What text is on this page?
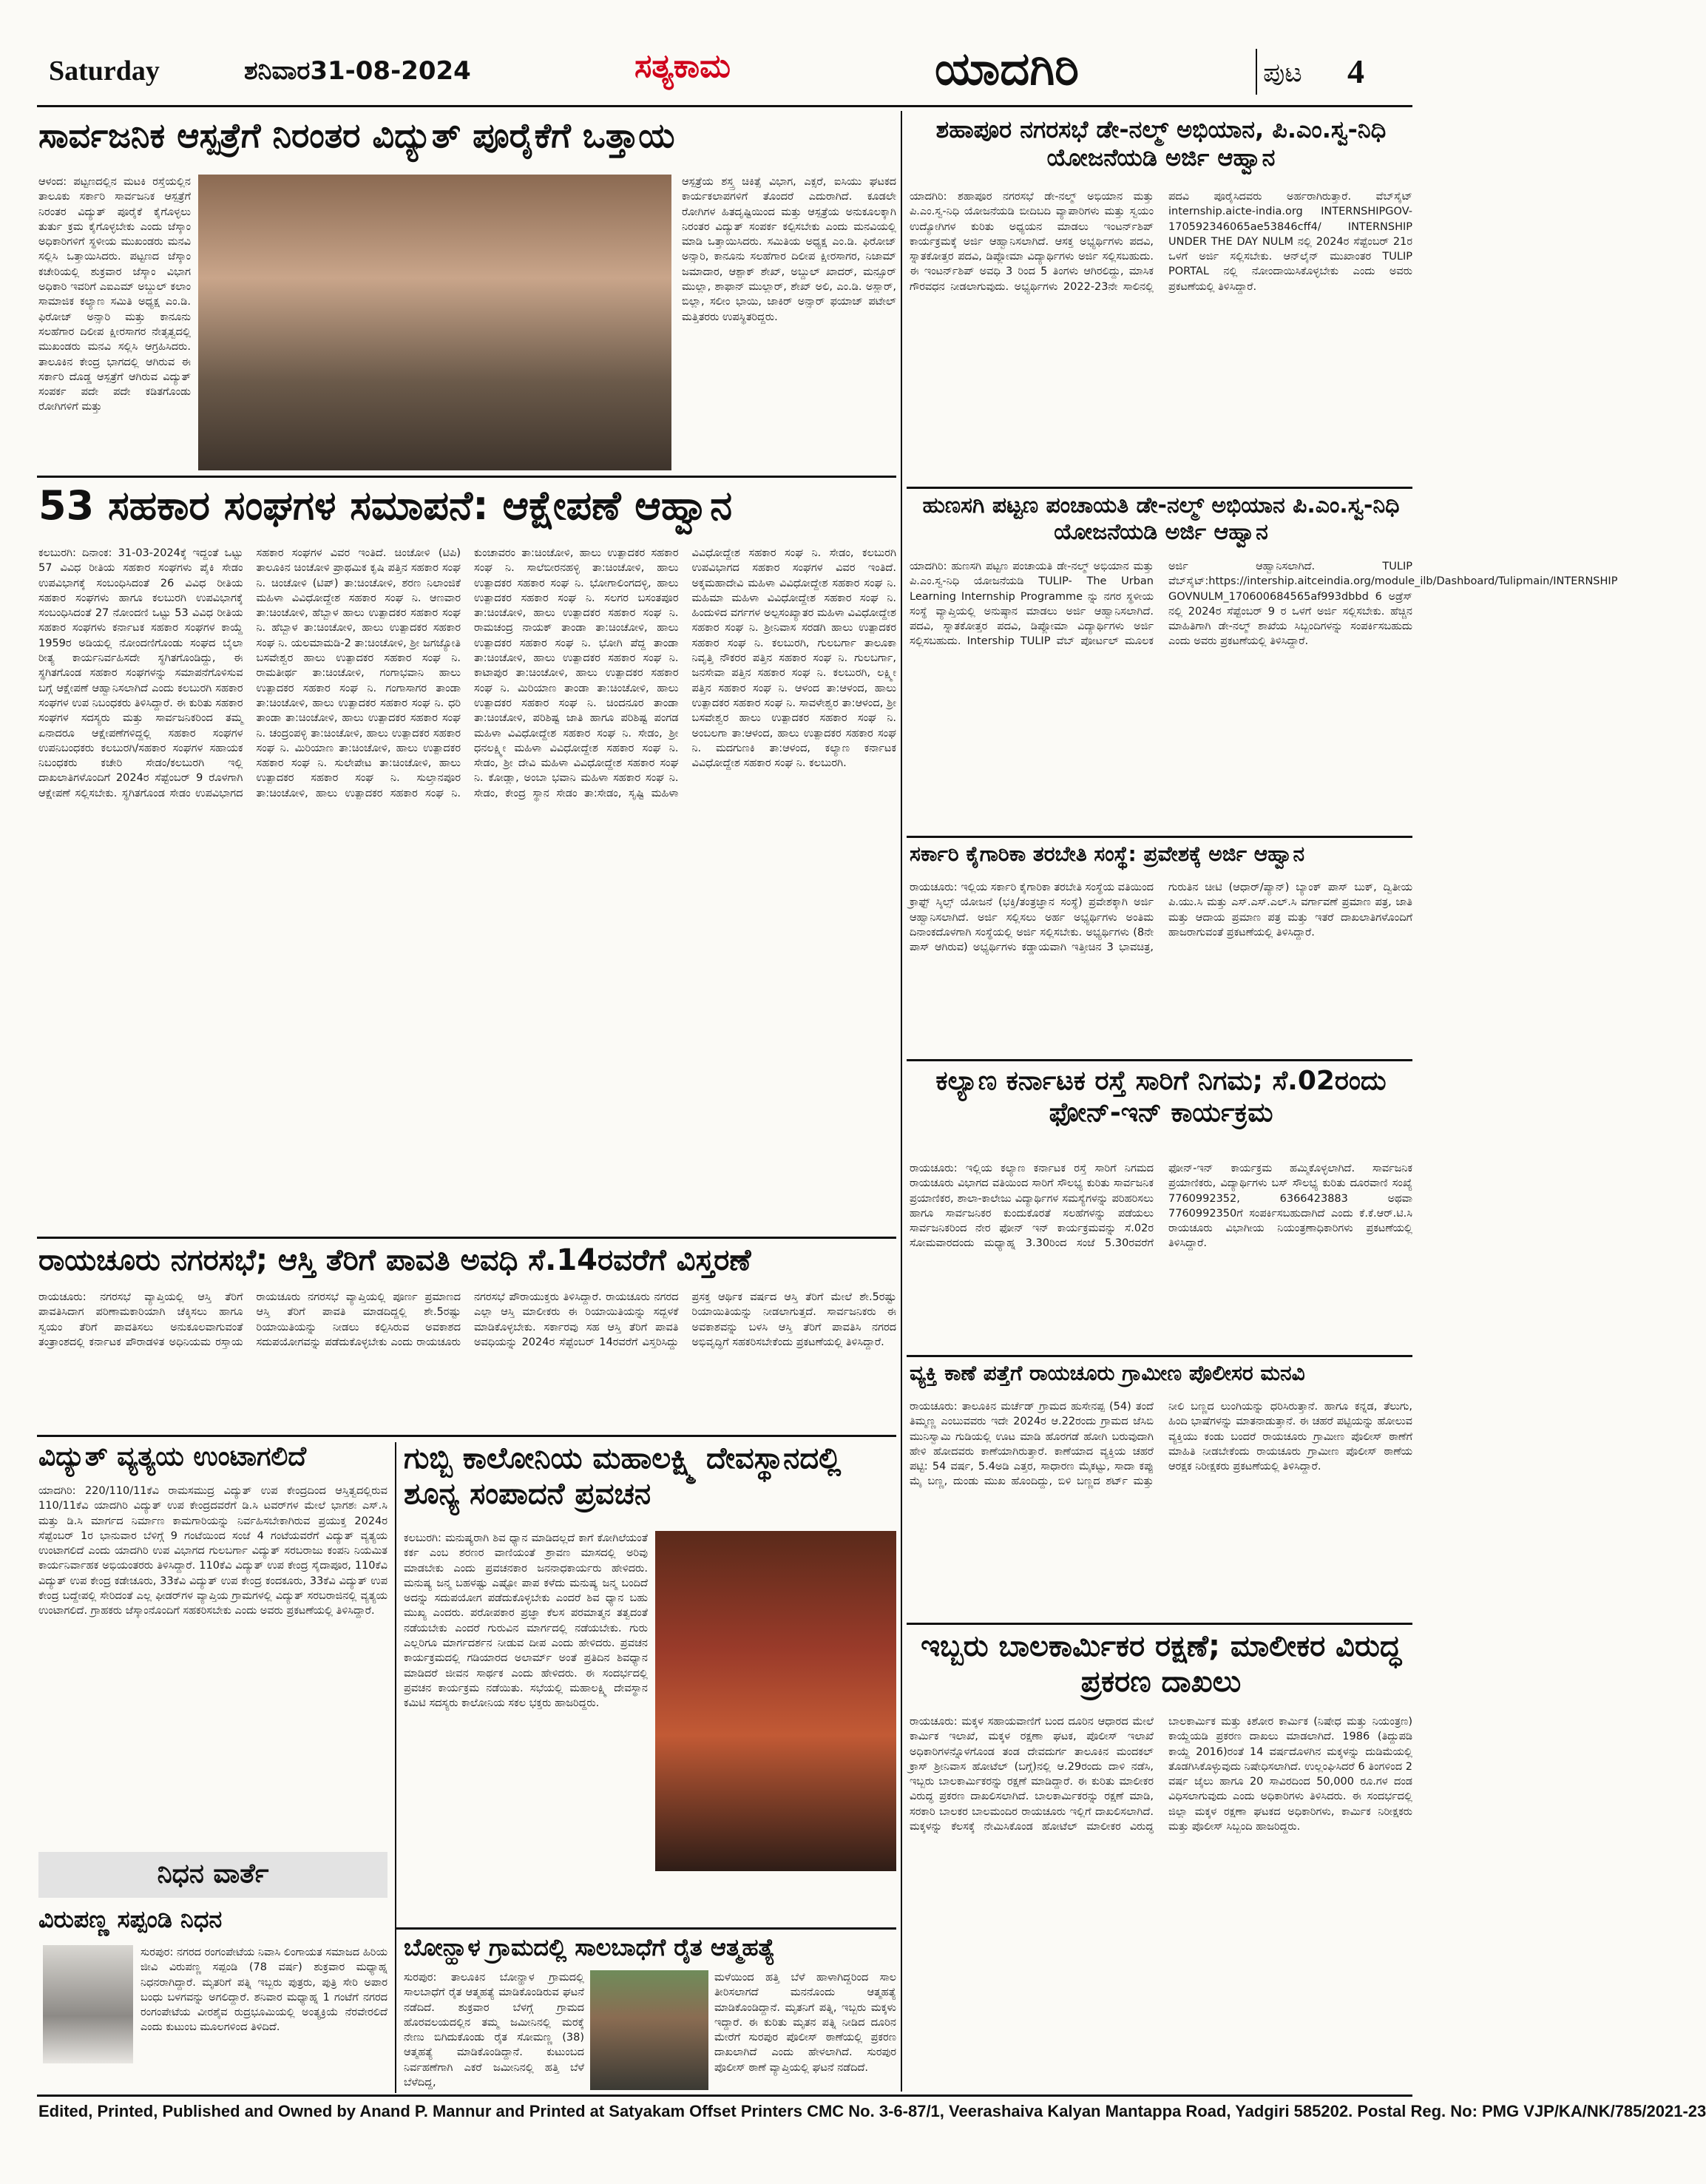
Saturday	ಶನಿವಾರ31-08-2024	ಸತ್ಯಕಾಮ	ಯಾದಗಿರಿ	ಪುಟ 4
ಸಾರ್ವಜನಿಕ ಆಸ್ಪತ್ರೆಗೆ ನಿರಂತರ ವಿದ್ಯುತ್ ಪೂರೈಕೆಗೆ ಒತ್ತಾಯ
ಆಳಂದ: ಪಟ್ಟಣದಲ್ಲಿನ ಮಟಕಿ ರಸ್ತೆಯಲ್ಲಿನ ತಾಲೂಕು ಸರ್ಕಾರಿ ಸಾರ್ವಜನಿಕ ಆಸ್ಪತ್ರೆಗೆ ನಿರಂತರ ವಿದ್ಯುತ್ ಪೂರೈಕೆ ಕೈಗೊಳ್ಳಲು ತುರ್ತು ಕ್ರಮ ಕೈಗೊಳ್ಳಬೇಕು ಎಂದು ಜೆಸ್ಕಾಂ ಅಧಿಕಾರಿಗಳಿಗೆ ಸ್ಥಳೀಯ ಮುಖಂಡರು ಮನವಿ ಸಲ್ಲಿಸಿ ಒತ್ತಾಯಿಸಿದರು. ಪಟ್ಟಣದ ಜೆಸ್ಕಾಂ ಕಚೇರಿಯಲ್ಲಿ ಶುಕ್ರವಾರ ಜೆಸ್ಕಾಂ ವಿಭಾಗ ಅಧಿಕಾರಿ ಇವರಿಗೆ ಎಐಎಮ್ ಅಬ್ದುಲ್ ಕಲಾಂ ಸಾಮಾಜಿಕ ಕಲ್ಯಾಣ ಸಮಿತಿ ಅಧ್ಯಕ್ಷ ಎಂ.ಡಿ. ಫಿರೋಜ್ ಅನ್ಸಾರಿ ಮತ್ತು ಕಾನೂನು ಸಲಹೆಗಾರ ದಿಲೀಪ ಕ್ಷೀರಸಾಗರ ನೇತೃತ್ವದಲ್ಲಿ ಮುಖಂಡರು ಮನವಿ ಸಲ್ಲಿಸಿ ಆಗ್ರಹಿಸಿದರು. ತಾಲೂಕಿನ ಕೇಂದ್ರ ಭಾಗದಲ್ಲಿ ಆಗಿರುವ ಈ ಸರ್ಕಾರಿ ದೊಡ್ಡ ಆಸ್ಪತ್ರೆಗೆ ಆಗಿರುವ ವಿದ್ಯುತ್ ಸಂಪರ್ಕ ಪದೇ ಪದೇ ಕಡಿತಗೊಂಡು ರೋಗಿಗಳಿಗೆ ಮತ್ತು
ಆಸ್ಪತ್ರೆಯ ಶಸ್ತ್ರ ಚಿಕಿತ್ಸೆ ವಿಭಾಗ, ಎಕ್ಸರೆ, ಐಸಿಯು ಘಟಕದ ಕಾರ್ಯಕಲಾಪಗಳಿಗೆ ತೊಂದರೆ ಎದುರಾಗಿದೆ. ಕೂಡಲೇ ರೋಗಿಗಳ ಹಿತದೃಷ್ಟಿಯಿಂದ ಮತ್ತು ಆಸ್ಪತ್ರೆಯ ಅನುಕೂಲಕ್ಕಾಗಿ ನಿರಂತರ ವಿದ್ಯುತ್ ಸಂಪರ್ಕ ಕಲ್ಪಿಸಬೇಕು ಎಂದು ಮನವಿಯಲ್ಲಿ ಮಾಡಿ ಒತ್ತಾಯಿಸಿದರು. ಸಮಿತಿಯ ಅಧ್ಯಕ್ಷ ಎಂ.ಡಿ. ಫಿರೋಜ್ ಅನ್ಸಾರಿ, ಕಾನೂನು ಸಲಹೆಗಾರ ದಿಲೀಪ ಕ್ಷೀರಸಾಗರ, ನಿಜಾಮ್ ಜಮಾದಾರ, ಆಶ್ಪಾಕ್ ಶೇಖ್, ಅಬ್ದುಲ್ ಖಾದರ್, ಮನ್ಸೂರ್ ಮುಲ್ಲಾ, ಶಾಫಾನ್ ಮುಲ್ಲಾರ್, ಶೇಖ್ ಅಲಿ, ಎಂ.ಡಿ. ಅಸ್ಲಾರ್, ಬಿಲ್ಲಾ, ಸಲೀಂ ಭಾಯಿ, ಜಾಕಿರ್ ಅನ್ಸಾರ್ ಫಯಾಜ್ ಪಟೇಲ್ ಮತ್ತಿತರರು ಉಪಸ್ಥಿತರಿದ್ದರು.
53 ಸಹಕಾರ ಸಂಘಗಳ ಸಮಾಪನೆ: ಆಕ್ಷೇಪಣೆ ಆಹ್ವಾನ
ಕಲಬುರಗಿ: ದಿನಾಂಕ: 31-03-2024ಕ್ಕೆ ಇದ್ದಂತೆ ಒಟ್ಟು 57 ವಿವಿಧ ರೀತಿಯ ಸಹಕಾರ ಸಂಘಗಳು ಪೈಕಿ ಸೇಡಂ ಉಪವಿಭಾಗಕ್ಕೆ ಸಂಬಂಧಿಸಿದಂತೆ 26 ವಿವಿಧ ರೀತಿಯ ಸಹಕಾರ ಸಂಘಗಳು ಹಾಗೂ ಕಲಬುರಗಿ ಉಪವಿಭಾಗಕ್ಕೆ ಸಂಬಂಧಿಸಿದಂತೆ 27 ನೋಂದಣಿ ಒಟ್ಟು 53 ವಿವಿಧ ರೀತಿಯ ಸಹಕಾರ ಸಂಘಗಳು ಕರ್ನಾಟಕ ಸಹಕಾರ ಸಂಘಗಳ ಕಾಯ್ದೆ 1959ರ ಅಡಿಯಲ್ಲಿ ನೋಂದಣಿಗೊಂಡು ಸಂಘದ ಬೈಲಾ ರೀತ್ಯ ಕಾರ್ಯನಿರ್ವಹಿಸದೇ ಸ್ಥಗಿತಗೊಂಡಿದ್ದು, ಈ ಸ್ಥಗಿತಗೊಂಡ ಸಹಕಾರ ಸಂಘಗಳನ್ನು ಸಮಾಪನೆಗೊಳಿಸುವ ಬಗ್ಗೆ ಆಕ್ಷೇಪಣೆ ಆಹ್ವಾನಿಸಲಾಗಿದೆ ಎಂದು ಕಲಬುರಗಿ ಸಹಕಾರ ಸಂಘಗಳ ಉಪ ನಿಬಂಧಕರು ತಿಳಿಸಿದ್ದಾರೆ. ಈ ಕುರಿತು ಸಹಕಾರ ಸಂಘಗಳ ಸದಸ್ಯರು ಮತ್ತು ಸಾರ್ವಜನಿಕರಿಂದ ತಮ್ಮ ಏನಾದರೂ ಆಕ್ಷೇಪಣೆಗಳಿದ್ದಲ್ಲಿ ಸಹಕಾರ ಸಂಘಗಳ ಉಪನಿಬಂಧಕರು ಕಲಬುರಗಿ/ಸಹಕಾರ ಸಂಘಗಳ ಸಹಾಯಕ ನಿಬಂಧಕರು ಕಚೇರಿ ಸೇಡಂ/ಕಲಬುರಗಿ ಇಲ್ಲಿ ದಾಖಲಾತಿಗಳೊಂದಿಗೆ 2024ರ ಸೆಪ್ಟೆಂಬರ್ 9 ರೊಳಗಾಗಿ ಆಕ್ಷೇಪಣೆ ಸಲ್ಲಿಸಬೇಕು. ಸ್ಥಗಿತಗೊಂಡ ಸೇಡಂ ಉಪವಿಭಾಗದ ಸಹಕಾರ ಸಂಘಗಳ ವಿವರ ಇಂತಿದೆ. ಚಿಂಚೋಳಿ (ಟಿಪಿ) ತಾಲೂಕಿನ ಚಿಂಚೋಳಿ ಪ್ರಾಥಮಿಕ ಕೃಷಿ ಪತ್ತಿನ ಸಹಕಾರ ಸಂಘ ನಿ. ಚಿಂಚೋಳಿ (ಟಿಪ್) ತಾ:ಚಿಂಚೋಳಿ, ಶರಣ ನಿಲಾಂಜಿಕೆ ಮಹಿಳಾ ವಿವಿಧೋದ್ದೇಶ ಸಹಕಾರ ಸಂಘ ನಿ. ಆಣವಾರ ತಾ:ಚಿಂಚೋಳಿ, ಹೆಬ್ಬಾಳ ಹಾಲು ಉತ್ಪಾದಕರ ಸಹಕಾರ ಸಂಘ ನಿ. ಹೆಬ್ಬಾಳ ತಾ:ಚಿಂಚೋಳಿ, ಹಾಲು ಉತ್ಪಾದಕರ ಸಹಕಾರ ಸಂಘ ನಿ. ಯಲಮಾಮಡಿ-2 ತಾ:ಚಿಂಚೋಳಿ, ಶ್ರೀ ಜಗಜ್ಯೋತಿ ಬಸವೇಶ್ವರ ಹಾಲು ಉತ್ಪಾದಕರ ಸಹಕಾರ ಸಂಘ ನಿ. ರಾಮತೀರ್ಥ ತಾ:ಚಿಂಚೋಳಿ, ಗಂಗಾಭವಾನಿ ಹಾಲು ಉತ್ಪಾದಕರ ಸಹಕಾರ ಸಂಘ ನಿ. ಗಂಗಾಸಾಗರ ತಾಂಡಾ ತಾ:ಚಿಂಚೋಳಿ, ಹಾಲು ಉತ್ಪಾದಕರ ಸಹಕಾರ ಸಂಘ ನಿ. ಧರಿ ತಾಂಡಾ ತಾ:ಚಿಂಚೋಳಿ, ಹಾಲು ಉತ್ಪಾದಕರ ಸಹಕಾರ ಸಂಘ ನಿ. ಚಂದ್ರಂಪಳ್ಳಿ ತಾ:ಚಿಂಚೋಳಿ, ಹಾಲು ಉತ್ಪಾದಕರ ಸಹಕಾರ ಸಂಘ ನಿ. ಮಿರಿಯಾಣ ತಾ:ಚಿಂಚೋಳಿ, ಹಾಲು ಉತ್ಪಾದಕರ ಸಹಕಾರ ಸಂಘ ನಿ. ಸುಲೇಪೇಟ ತಾ:ಚಿಂಚೋಳಿ, ಹಾಲು ಉತ್ಪಾದಕರ ಸಹಕಾರ ಸಂಘ ನಿ. ಸುಲ್ತಾನಪೂರ ತಾ:ಚಿಂಚೋಳಿ, ಹಾಲು ಉತ್ಪಾದಕರ ಸಹಕಾರ ಸಂಘ ನಿ. ಕುಂಚಾವರಂ ತಾ:ಚಿಂಚೋಳಿ, ಹಾಲು ಉತ್ಪಾದಕರ ಸಹಕಾರ ಸಂಘ ನಿ. ಸಾಲೆಬೀರನಹಳ್ಳಿ ತಾ:ಚಿಂಚೋಳಿ, ಹಾಲು ಉತ್ಪಾದಕರ ಸಹಕಾರ ಸಂಘ ನಿ. ಭೋಗಾಲಿಂಗದಳ್ಳಿ, ಹಾಲು ಉತ್ಪಾದಕರ ಸಹಕಾರ ಸಂಘ ನಿ. ಸಲಗರ ಬಸಂತಪೂರ ತಾ:ಚಿಂಚೋಳಿ, ಹಾಲು ಉತ್ಪಾದಕರ ಸಹಕಾರ ಸಂಘ ನಿ. ರಾಮಚಂದ್ರ ನಾಯಕ್ ತಾಂಡಾ ತಾ:ಚಿಂಚೋಳಿ, ಹಾಲು ಉತ್ಪಾದಕರ ಸಹಕಾರ ಸಂಘ ನಿ. ಭೋಗಿ ಪೆದ್ದ ತಾಂಡಾ ತಾ:ಚಿಂಚೋಳಿ, ಹಾಲು ಉತ್ಪಾದಕರ ಸಹಕಾರ ಸಂಘ ನಿ. ಕಾಟಾಪುರ ತಾ:ಚಿಂಚೋಳಿ, ಹಾಲು ಉತ್ಪಾದಕರ ಸಹಕಾರ ಸಂಘ ನಿ. ಮಿರಿಯಾಣ ತಾಂಡಾ ತಾ:ಚಿಂಚೋಳಿ, ಹಾಲು ಉತ್ಪಾದಕರ ಸಹಕಾರ ಸಂಘ ನಿ. ಚಿಂದನೂರ ತಾಂಡಾ ತಾ:ಚಿಂಚೋಳಿ, ಪರಿಶಿಷ್ಟ ಜಾತಿ ಹಾಗೂ ಪರಿಶಿಷ್ಟ ಪಂಗಡ ಮಹಿಳಾ ವಿವಿಧೋದ್ದೇಶ ಸಹಕಾರ ಸಂಘ ನಿ. ಸೇಡಂ, ಶ್ರೀ ಧನಲಕ್ಷ್ಮೀ ಮಹಿಳಾ ವಿವಿಧೋದ್ದೇಶ ಸಹಕಾರ ಸಂಘ ನಿ. ಸೇಡಂ, ಶ್ರೀ ದೇವಿ ಮಹಿಳಾ ವಿವಿಧೋದ್ದೇಶ ಸಹಕಾರ ಸಂಘ ನಿ. ಕೋಡ್ಲಾ, ಅಂಬಾ ಭವಾನಿ ಮಹಿಳಾ ಸಹಕಾರ ಸಂಘ ನಿ. ಸೇಡಂ, ಕೇಂದ್ರ ಸ್ಥಾನ ಸೇಡಂ ತಾ:ಸೇಡಂ, ಸೃಷ್ಟಿ ಮಹಿಳಾ ವಿವಿಧೋದ್ದೇಶ ಸಹಕಾರ ಸಂಘ ನಿ. ಸೇಡಂ, ಕಲಬುರಗಿ ಉಪವಿಭಾಗದ ಸಹಕಾರ ಸಂಘಗಳ ವಿವರ ಇಂತಿದೆ. ಅಕ್ಕಮಹಾದೇವಿ ಮಹಿಳಾ ವಿವಿಧೋದ್ದೇಶ ಸಹಕಾರ ಸಂಘ ನಿ. ಮಹಿಮಾ ಮಹಿಳಾ ವಿವಿಧೋದ್ದೇಶ ಸಹಕಾರ ಸಂಘ ನಿ. ಹಿಂದುಳಿದ ವರ್ಗಗಳ ಅಲ್ಪಸಂಖ್ಯಾತರ ಮಹಿಳಾ ವಿವಿಧೋದ್ದೇಶ ಸಹಕಾರ ಸಂಘ ನಿ. ಶ್ರೀನಿವಾಸ ಸರಡಗಿ ಹಾಲು ಉತ್ಪಾದಕರ ಸಹಕಾರ ಸಂಘ ನಿ. ಕಲಬುರಗಿ, ಗುಲಬರ್ಗಾ ತಾಲೂಕಾ ನಿವೃತ್ತಿ ನೌಕರರ ಪತ್ತಿನ ಸಹಕಾರ ಸಂಘ ನಿ. ಗುಲಬರ್ಗಾ, ಜನಸೇವಾ ಪತ್ತಿನ ಸಹಕಾರ ಸಂಘ ನಿ. ಕಲಬುರಗಿ, ಲಕ್ಷ್ಮೀ ಪತ್ತಿನ ಸಹಕಾರ ಸಂಘ ನಿ. ಆಳಂದ ತಾ:ಆಳಂದ, ಹಾಲು ಉತ್ಪಾದಕರ ಸಹಕಾರ ಸಂಘ ನಿ. ಸಾವಳೇಶ್ವರ ತಾ:ಆಳಂದ, ಶ್ರೀ ಬಸವೇಶ್ವರ ಹಾಲು ಉತ್ಪಾದಕರ ಸಹಕಾರ ಸಂಘ ನಿ. ಅಂಬಲಗಾ ತಾ:ಆಳಂದ, ಹಾಲು ಉತ್ಪಾದಕರ ಸಹಕಾರ ಸಂಘ ನಿ. ಮದಗುಣಕಿ ತಾ:ಆಳಂದ, ಕಲ್ಯಾಣ ಕರ್ನಾಟಕ ವಿವಿಧೋದ್ದೇಶ ಸಹಕಾರ ಸಂಘ ನಿ. ಕಲಬುರಗಿ.
ರಾಯಚೂರು ನಗರಸಭೆ; ಆಸ್ತಿ ತೆರಿಗೆ ಪಾವತಿ ಅವಧಿ ಸೆ.14ರವರೆಗೆ ವಿಸ್ತರಣೆ
ರಾಯಚೂರು: ನಗರಸಭೆ ವ್ಯಾಪ್ತಿಯಲ್ಲಿ ಆಸ್ತಿ ತೆರಿಗೆ ಪಾವತಿಸಿದಾಗ ಪರಿಣಾಮಕಾರಿಯಾಗಿ ಚೆಕ್ಕಿಸಲು ಹಾಗೂ ಸ್ವಯಂ ತೆರಿಗೆ ಪಾವತಿಸಲು ಅನುಕೂಲವಾಗುವಂತೆ ತಂತ್ರಾಂಶದಲ್ಲಿ ಕರ್ನಾಟಕ ಪೌರಾಡಳಿತ ಅಧಿನಿಯಮ ರಸ್ತಾಯ ರಾಯಚೂರು ನಗರಸಭೆ ವ್ಯಾಪ್ತಿಯಲ್ಲಿ ಪೂರ್ಣ ಪ್ರಮಾಣದ ಆಸ್ತಿ ತೆರಿಗೆ ಪಾವತಿ ಮಾಡದಿದ್ದಲ್ಲಿ ಶೇ.5ರಷ್ಟು ರಿಯಾಯಿತಿಯನ್ನು ನೀಡಲು ಕಲ್ಪಿಸಿರುವ ಅವಕಾಶದ ಸದುಪಯೋಗವನ್ನು ಪಡೆದುಕೊಳ್ಳಬೇಕು ಎಂದು ರಾಯಚೂರು ನಗರಸಭೆ ಪೌರಾಯುಕ್ತರು ತಿಳಿಸಿದ್ದಾರೆ. ರಾಯಚೂರು ನಗರದ ಎಲ್ಲಾ ಆಸ್ತಿ ಮಾಲೀಕರು ಈ ರಿಯಾಯಿತಿಯನ್ನು ಸದ್ಬಳಕೆ ಮಾಡಿಕೊಳ್ಳಬೇಕು. ಸರ್ಕಾರವು ಸಹ ಆಸ್ತಿ ತೆರಿಗೆ ಪಾವತಿ ಅವಧಿಯನ್ನು 2024ರ ಸೆಪ್ಟೆಂಬರ್ 14ರವರೆಗೆ ವಿಸ್ತರಿಸಿದ್ದು ಪ್ರಸಕ್ತ ಆರ್ಥಿಕ ವರ್ಷದ ಆಸ್ತಿ ತೆರಿಗೆ ಮೇಲೆ ಶೇ.5ರಷ್ಟು ರಿಯಾಯಿತಿಯನ್ನು ನೀಡಲಾಗುತ್ತದೆ. ಸಾರ್ವಜನಿಕರು ಈ ಅವಕಾಶವನ್ನು ಬಳಸಿ ಆಸ್ತಿ ತೆರಿಗೆ ಪಾವತಿಸಿ ನಗರದ ಅಭಿವೃದ್ಧಿಗೆ ಸಹಕರಿಸಬೇಕೆಂದು ಪ್ರಕಟಣೆಯಲ್ಲಿ ತಿಳಿಸಿದ್ದಾರೆ.
ವಿದ್ಯುತ್ ವ್ಯತ್ಯಯ ಉಂಟಾಗಲಿದೆ
ಯಾದಗಿರಿ: 220/110/11ಕೆವಿ ರಾಮಸಮುದ್ರ ವಿದ್ಯುತ್ ಉಪ ಕೇಂದ್ರದಿಂದ ಆಸ್ತಿತ್ವದಲ್ಲಿರುವ 110/11ಕೆವಿ ಯಾದಗಿರಿ ವಿದ್ಯುತ್ ಉಪ ಕೇಂದ್ರದವರೆಗೆ ಡಿ.ಸಿ ಟವರ್‌ಗಳ ಮೇಲೆ ಭಾಗಶಃ ಎಸ್.ಸಿ ಮತ್ತು ಡಿ.ಸಿ ಮಾರ್ಗದ ನಿರ್ಮಾಣ ಕಾಮಗಾರಿಯನ್ನು ನಿರ್ವಹಿಸಬೇಕಾಗಿರುವ ಪ್ರಯುಕ್ತ 2024ರ ಸೆಪ್ಟೆಂಬರ್ 1ರ ಭಾನುವಾರ ಬೆಳಿಗ್ಗೆ 9 ಗಂಟೆಯಿಂದ ಸಂಜೆ 4 ಗಂಟೆಯವರೆಗೆ ವಿದ್ಯುತ್ ವ್ಯತ್ಯಯ ಉಂಟಾಗಲಿದೆ ಎಂದು ಯಾದಗಿರಿ ಉಪ ವಿಭಾಗದ ಗುಲಬರ್ಗಾ ವಿದ್ಯುತ್ ಸರಬರಾಜು ಕಂಪನಿ ನಿಯಮಿತ ಕಾರ್ಯನಿರ್ವಾಹಕ ಅಭಿಯಂತರರು ತಿಳಿಸಿದ್ದಾರೆ. 110ಕೆವಿ ವಿದ್ಯುತ್ ಉಪ ಕೇಂದ್ರ ಸೈದಾಪೂರ, 110ಕೆವಿ ವಿದ್ಯುತ್ ಉಪ ಕೇಂದ್ರ ಕಡೇಚೂರು, 33ಕೆವಿ ವಿದ್ಯುತ್ ಉಪ ಕೇಂದ್ರ ಕಂದಕೂರು, 33ಕೆವಿ ವಿದ್ಯುತ್ ಉಪ ಕೇಂದ್ರ ಬದ್ದೇಪಲ್ಲಿ ಸೇರಿದಂತೆ ಎಲ್ಲ ಫೀಡರ್‌ಗಳ ವ್ಯಾಪ್ತಿಯ ಗ್ರಾಮಗಳಲ್ಲಿ ವಿದ್ಯುತ್ ಸರಬರಾಜಿನಲ್ಲಿ ವ್ಯತ್ಯಯ ಉಂಟಾಗಲಿದೆ. ಗ್ರಾಹಕರು ಜೆಸ್ಕಾಂನೊಂದಿಗೆ ಸಹಕರಿಸಬೇಕು ಎಂದು ಅವರು ಪ್ರಕಟಣೆಯಲ್ಲಿ ತಿಳಿಸಿದ್ದಾರೆ.
ಗುಬ್ಬಿ ಕಾಲೋನಿಯ ಮಹಾಲಕ್ಷ್ಮಿ ದೇವಸ್ಥಾನದಲ್ಲಿ ಶೂನ್ಯ ಸಂಪಾದನೆ ಪ್ರವಚನ
ಕಲಬುರಗಿ: ಮನುಷ್ಯರಾಗಿ ಶಿವ ಧ್ಯಾನ ಮಾಡಿದಲ್ಲದೆ ಕಾಗೆ ಕೋಗಿಲೆಯಂತೆ ಕರ್ಕ ಎಂಬ ಶರಣರ ವಾಣಿಯಂತೆ ಶ್ರಾವಣ ಮಾಸದಲ್ಲಿ ಅರಿವು ಮಾಡಬೇಕು ಎಂದು ಪ್ರವಚನಕಾರ ಜನನಾಧಕಾರ್ಯರು ಹೇಳಿದರು. ಮನುಷ್ಯ ಜನ್ಮ ಬಹಳಷ್ಟು ಎಷ್ಟೋ ಪಾಪ ಕಳೆದು ಮನುಷ್ಯ ಜನ್ಮ ಬಂದಿದೆ ಅದನ್ನು ಸದುಪಯೋಗ ಪಡೆದುಕೊಳ್ಳಬೇಕು ಎಂದರೆ ಶಿವ ಧ್ಯಾನ ಬಹು ಮುಖ್ಯ ಎಂದರು. ಪರೋಪಕಾರ ಪ್ರಜ್ಞಾ ಕೆಲಸ ಪರಮಾತ್ಮನ ತತ್ವದಂತೆ ನಡೆಯಬೇಕು ಎಂದರೆ ಗುರುವಿನ ಮಾರ್ಗದಲ್ಲಿ ನಡೆಯಬೇಕು. ಗುರು ಎಲ್ಲರಿಗೂ ಮಾರ್ಗದರ್ಶನ ನೀಡುವ ದೀಪ ಎಂದು ಹೇಳಿದರು. ಪ್ರವಚನ ಕಾರ್ಯಕ್ರಮದಲ್ಲಿ ಗಡಿಯಾರದ ಅಲಾರ್ಮ್ ಅಂತೆ ಪ್ರತಿದಿನ ಶಿವಧ್ಯಾನ ಮಾಡಿದರೆ ಜೀವನ ಸಾರ್ಥಕ ಎಂದು ಹೇಳಿದರು. ಈ ಸಂದರ್ಭದಲ್ಲಿ ಪ್ರವಚನ ಕಾರ್ಯಕ್ರಮ ನಡೆಯಿತು. ಸಭೆಯಲ್ಲಿ ಮಹಾಲಕ್ಷ್ಮಿ ದೇವಸ್ಥಾನ ಕಮಿಟಿ ಸದಸ್ಯರು ಕಾಲೋನಿಯ ಸಕಲ ಭಕ್ತರು ಹಾಜರಿದ್ದರು.
ನಿಧನ ವಾರ್ತೆ
ವಿರುಪಣ್ಣ ಸಪ್ಪಂಡಿ ನಿಧನ
ಸುರಪುರ: ನಗರದ ರಂಗಂಪೇಟೆಯ ನಿವಾಸಿ ಲಿಂಗಾಯತ ಸಮಾಜದ ಹಿರಿಯ ಜೀವಿ ವಿರುಪಣ್ಣ ಸಪ್ಪಂಡಿ (78 ವರ್ಷ) ಶುಕ್ರವಾರ ಮಧ್ಯಾಹ್ನ ನಿಧನರಾಗಿದ್ದಾರೆ. ಮೃತರಿಗೆ ಪತ್ನಿ ಇಬ್ಬರು ಪುತ್ರರು, ಪುತ್ರಿ ಸೇರಿ ಅಪಾರ ಬಂಧು ಬಳಗವನ್ನು ಅಗಲಿದ್ದಾರೆ. ಶನಿವಾರ ಮಧ್ಯಾಹ್ನ 1 ಗಂಟೆಗೆ ನಗರದ ರಂಗಂಪೇಟೆಯ ವೀರಶೈವ ರುದ್ರಭೂಮಿಯಲ್ಲಿ ಅಂತ್ಯಕ್ರಿಯೆ ನೆರವೇರಲಿದೆ ಎಂದು ಕುಟುಂಬ ಮೂಲಗಳಿಂದ ತಿಳಿದಿದೆ.
ಬೋನ್ಹಾಳ ಗ್ರಾಮದಲ್ಲಿ ಸಾಲಬಾಧೆಗೆ ರೈತ ಆತ್ಮಹತ್ಯೆ
ಸುರಪುರ: ತಾಲೂಕಿನ ಬೋನ್ಹಾಳ ಗ್ರಾಮದಲ್ಲಿ ಸಾಲಬಾಧೆಗೆ ರೈತ ಆತ್ಮಹತ್ಯೆ ಮಾಡಿಕೊಂಡಿರುವ ಘಟನೆ ನಡೆದಿದೆ. ಶುಕ್ರವಾರ ಬೆಳಗ್ಗೆ ಗ್ರಾಮದ ಹೊರವಲಯದಲ್ಲಿನ ತಮ್ಮ ಜಮೀನಿನಲ್ಲಿ ಮರಕ್ಕೆ ನೇಣು ಬಿಗಿದುಕೊಂಡು ರೈತ ಸೋಮಣ್ಣ (38) ಆತ್ಮಹತ್ಯೆ ಮಾಡಿಕೊಂಡಿದ್ದಾನೆ. ಕುಟುಂಬದ ನಿರ್ವಹಣೆಗಾಗಿ ಎಕರೆ ಜಮೀನಿನಲ್ಲಿ ಹತ್ತಿ ಬೆಳೆ ಬೆಳೆದಿದ್ದ,
ಮಳೆಯಿಂದ ಹತ್ತಿ ಬೆಳೆ ಹಾಳಾಗಿದ್ದರಿಂದ ಸಾಲ ತೀರಿಸಲಾಗದೆ ಮನನೊಂದು ಆತ್ಮಹತ್ಯೆ ಮಾಡಿಕೊಂಡಿದ್ದಾನೆ. ಮೃತನಿಗೆ ಪತ್ನಿ, ಇಬ್ಬರು ಮಕ್ಕಳು ಇದ್ದಾರೆ. ಈ ಕುರಿತು ಮೃತನ ಪತ್ನಿ ನೀಡಿದ ದೂರಿನ ಮೇರೆಗೆ ಸುರಪುರ ಪೊಲೀಸ್ ಠಾಣೆಯಲ್ಲಿ ಪ್ರಕರಣ ದಾಖಲಾಗಿದೆ ಎಂದು ಹೇಳಲಾಗಿದೆ. ಸುರಪುರ ಪೊಲೀಸ್ ಠಾಣೆ ವ್ಯಾಪ್ತಿಯಲ್ಲಿ ಘಟನೆ ನಡೆದಿದೆ.
ಶಹಾಪೂರ ನಗರಸಭೆ ಡೇ-ನಲ್ಮ್ ಅಭಿಯಾನ, ಪಿ.ಎಂ.ಸ್ವ-ನಿಧಿ ಯೋಜನೆಯಡಿ ಅರ್ಜಿ ಆಹ್ವಾನ
ಯಾದಗಿರಿ: ಶಹಾಪೂರ ನಗರಸಭೆ ಡೇ-ನಲ್ಮ್ ಅಭಿಯಾನ ಮತ್ತು ಪಿ.ಎಂ.ಸ್ವ-ನಿಧಿ ಯೋಜನೆಯಡಿ ಬೀದಿಬದಿ ವ್ಯಾಪಾರಿಗಳು ಮತ್ತು ಸ್ವಯಂ ಉದ್ಯೋಗಿಗಳ ಕುರಿತು ಅಧ್ಯಯನ ಮಾಡಲು ಇಂಟರ್ನ್‌ಶಿಪ್ ಕಾರ್ಯಕ್ರಮಕ್ಕೆ ಅರ್ಜಿ ಆಹ್ವಾನಿಸಲಾಗಿದೆ. ಆಸಕ್ತ ಅಭ್ಯರ್ಥಿಗಳು ಪದವಿ, ಸ್ನಾತಕೋತ್ತರ ಪದವಿ, ಡಿಪ್ಲೋಮಾ ವಿದ್ಯಾರ್ಥಿಗಳು ಅರ್ಜಿ ಸಲ್ಲಿಸಬಹುದು. ಈ ಇಂಟರ್ನ್‌ಶಿಪ್ ಅವಧಿ 3 ರಿಂದ 5 ತಿಂಗಳು ಆಗಿರಲಿದ್ದು, ಮಾಸಿಕ ಗೌರವಧನ ನೀಡಲಾಗುವುದು. ಅಭ್ಯರ್ಥಿಗಳು 2022-23ನೇ ಸಾಲಿನಲ್ಲಿ ಪದವಿ ಪೂರೈಸಿದವರು ಅರ್ಹರಾಗಿರುತ್ತಾರೆ. ವೆಬ್‌ಸೈಟ್ internship.aicte-india.org INTERNSHIPGOV-170592346065ae53846cff4/ INTERNSHIP UNDER THE DAY NULM ನಲ್ಲಿ 2024ರ ಸೆಪ್ಟೆಂಬರ್ 21ರ ಒಳಗೆ ಅರ್ಜಿ ಸಲ್ಲಿಸಬೇಕು. ಆನ್‌ಲೈನ್ ಮುಖಾಂತರ TULIP PORTAL ನಲ್ಲಿ ನೋಂದಾಯಿಸಿಕೊಳ್ಳಬೇಕು ಎಂದು ಅವರು ಪ್ರಕಟಣೆಯಲ್ಲಿ ತಿಳಿಸಿದ್ದಾರೆ.
ಹುಣಸಗಿ ಪಟ್ಟಣ ಪಂಚಾಯತಿ ಡೇ-ನಲ್ಮ್ ಅಭಿಯಾನ ಪಿ.ಎಂ.ಸ್ವ-ನಿಧಿ ಯೋಜನೆಯಡಿ ಅರ್ಜಿ ಆಹ್ವಾನ
ಯಾದಗಿರಿ: ಹುಣಸಗಿ ಪಟ್ಟಣ ಪಂಚಾಯತಿ ಡೇ-ನಲ್ಮ್ ಅಭಿಯಾನ ಮತ್ತು ಪಿ.ಎಂ.ಸ್ವ-ನಿಧಿ ಯೋಜನೆಯಡಿ TULIP- The Urban Learning Internship Programme ನ್ನು ನಗರ ಸ್ಥಳೀಯ ಸಂಸ್ಥೆ ವ್ಯಾಪ್ತಿಯಲ್ಲಿ ಅನುಷ್ಠಾನ ಮಾಡಲು ಅರ್ಜಿ ಆಹ್ವಾನಿಸಲಾಗಿದೆ. ಪದವಿ, ಸ್ನಾತಕೋತ್ತರ ಪದವಿ, ಡಿಪ್ಲೋಮಾ ವಿದ್ಯಾರ್ಥಿಗಳು ಅರ್ಜಿ ಸಲ್ಲಿಸಬಹುದು. Intership TULIP ವೆಬ್ ಪೋರ್ಟಲ್ ಮೂಲಕ ಅರ್ಜಿ ಆಹ್ವಾನಿಸಲಾಗಿದೆ. TULIP ವೆಬ್‌ಸೈಟ್:https://intership.aitceindia.org/module_ilb/Dashboard/Tulipmain/INTERNSHIP GOVNULM_170600684565af993dbbd 6 ಅಡ್ರೆಸ್ ನಲ್ಲಿ 2024ರ ಸೆಪ್ಟೆಂಬರ್ 9 ರ ಒಳಗೆ ಅರ್ಜಿ ಸಲ್ಲಿಸಬೇಕು. ಹೆಚ್ಚಿನ ಮಾಹಿತಿಗಾಗಿ ಡೇ-ನಲ್ಮ್ ಶಾಖೆಯ ಸಿಬ್ಬಂದಿಗಳನ್ನು ಸಂಪರ್ಕಿಸಬಹುದು ಎಂದು ಅವರು ಪ್ರಕಟಣೆಯಲ್ಲಿ ತಿಳಿಸಿದ್ದಾರೆ.
ಸರ್ಕಾರಿ ಕೈಗಾರಿಕಾ ತರಬೇತಿ ಸಂಸ್ಥೆ: ಪ್ರವೇಶಕ್ಕೆ ಅರ್ಜಿ ಆಹ್ವಾನ
ರಾಯಚೂರು: ಇಲ್ಲಿಯ ಸರ್ಕಾರಿ ಕೈಗಾರಿಕಾ ತರಬೇತಿ ಸಂಸ್ಥೆಯ ವತಿಯಿಂದ ಕ್ರಾಫ್ಟ್ ಸ್ಕಿಲ್ಸ್ ಯೋಜನೆ (ಭಕ್ತಿ/ತಂತ್ರಜ್ಞಾನ ಸಂಸ್ಥೆ) ಪ್ರವೇಶಕ್ಕಾಗಿ ಅರ್ಜಿ ಆಹ್ವಾನಿಸಲಾಗಿದೆ. ಅರ್ಜಿ ಸಲ್ಲಿಸಲು ಅರ್ಹ ಅಭ್ಯರ್ಥಿಗಳು ಅಂತಿಮ ದಿನಾಂಕದೊಳಗಾಗಿ ಸಂಸ್ಥೆಯಲ್ಲಿ ಅರ್ಜಿ ಸಲ್ಲಿಸಬೇಕು. ಅಭ್ಯರ್ಥಿಗಳು (8ನೇ ಪಾಸ್ ಆಗಿರುವ) ಅಭ್ಯರ್ಥಿಗಳು ಕಡ್ಡಾಯವಾಗಿ ಇತ್ತೀಚಿನ 3 ಭಾವಚಿತ್ರ, ಗುರುತಿನ ಚೀಟಿ (ಆಧಾರ್/ಪ್ಯಾನ್) ಬ್ಯಾಂಕ್ ಪಾಸ್ ಬುಕ್, ದ್ವಿತೀಯ ಪಿ.ಯು.ಸಿ ಮತ್ತು ಎಸ್.ಎಸ್.ಎಲ್.ಸಿ ವರ್ಗಾವಣೆ ಪ್ರಮಾಣ ಪತ್ರ, ಜಾತಿ ಮತ್ತು ಆದಾಯ ಪ್ರಮಾಣ ಪತ್ರ ಮತ್ತು ಇತರೆ ದಾಖಲಾತಿಗಳೊಂದಿಗೆ ಹಾಜರಾಗುವಂತೆ ಪ್ರಕಟಣೆಯಲ್ಲಿ ತಿಳಿಸಿದ್ದಾರೆ.
ಕಲ್ಯಾಣ ಕರ್ನಾಟಕ ರಸ್ತೆ ಸಾರಿಗೆ ನಿಗಮ; ಸೆ.02ರಂದು ಫೋನ್-ಇನ್ ಕಾರ್ಯಕ್ರಮ
ರಾಯಚೂರು: ಇಲ್ಲಿಯ ಕಲ್ಯಾಣ ಕರ್ನಾಟಕ ರಸ್ತೆ ಸಾರಿಗೆ ನಿಗಮದ ರಾಯಚೂರು ವಿಭಾಗದ ವತಿಯಿಂದ ಸಾರಿಗೆ ಸೌಲಭ್ಯ ಕುರಿತು ಸಾರ್ವಜನಿಕ ಪ್ರಯಾಣಿಕರ, ಶಾಲಾ-ಕಾಲೇಜು ವಿದ್ಯಾರ್ಥಿಗಳ ಸಮಸ್ಯೆಗಳನ್ನು ಪರಿಹರಿಸಲು ಹಾಗೂ ಸಾರ್ವಜನಿಕರ ಕುಂದುಕೊರತೆ ಸಲಹೆಗಳನ್ನು ಪಡೆಯಲು ಸಾರ್ವಜನಿಕರಿಂದ ನೇರ ಫೋನ್ ಇನ್ ಕಾರ್ಯಕ್ರಮವನ್ನು ಸೆ.02ರ ಸೋಮವಾರದಂದು ಮಧ್ಯಾಹ್ನ 3.30ರಿಂದ ಸಂಜೆ 5.30ರವರೆಗೆ ಫೋನ್-ಇನ್ ಕಾರ್ಯಕ್ರಮ ಹಮ್ಮಿಕೊಳ್ಳಲಾಗಿದೆ. ಸಾರ್ವಜನಿಕ ಪ್ರಯಾಣಿಕರು, ವಿದ್ಯಾರ್ಥಿಗಳು ಬಸ್ ಸೌಲಭ್ಯ ಕುರಿತು ದೂರವಾಣಿ ಸಂಖ್ಯೆ 7760992352, 6366423883 ಅಥವಾ 7760992350ಗೆ ಸಂಪರ್ಕಿಸಬಹುದಾಗಿದೆ ಎಂದು ಕೆ.ಕೆ.ಆರ್.ಟಿ.ಸಿ ರಾಯಚೂರು ವಿಭಾಗೀಯ ನಿಯಂತ್ರಣಾಧಿಕಾರಿಗಳು ಪ್ರಕಟಣೆಯಲ್ಲಿ ತಿಳಿಸಿದ್ದಾರೆ.
ವ್ಯಕ್ತಿ ಕಾಣೆ ಪತ್ತೆಗೆ ರಾಯಚೂರು ಗ್ರಾಮೀಣ ಪೊಲೀಸರ ಮನವಿ
ರಾಯಚೂರು: ತಾಲೂಕಿನ ಮರ್ಚೆಡ್ ಗ್ರಾಮದ ಹುಸೇನಪ್ಪ (54) ತಂದೆ ತಿಮ್ಮಣ್ಣ ಎಂಬುವವರು ಇದೇ 2024ರ ಆ.22ರಂದು ಗ್ರಾಮದ ಜೆಸಿಬಿ ಮುನಿಸ್ವಾಮಿ ಗುಡಿಯಲ್ಲಿ ಊಟ ಮಾಡಿ ಹೊರಗಡೆ ಹೋಗಿ ಬರುವುದಾಗಿ ಹೇಳಿ ಹೋದವರು ಕಾಣೆಯಾಗಿರುತ್ತಾರೆ. ಕಾಣೆಯಾದ ವ್ಯಕ್ತಿಯ ಚಹರೆ ಪಟ್ಟಿ: 54 ವರ್ಷ, 5.4ಅಡಿ ಎತ್ತರ, ಸಾಧಾರಣ ಮೈಕಟ್ಟು, ಸಾದಾ ಕಪ್ಪು ಮೈ ಬಣ್ಣ, ದುಂಡು ಮುಖ ಹೊಂದಿದ್ದು, ಬಿಳಿ ಬಣ್ಣದ ಶರ್ಟ್ ಮತ್ತು ನೀಲಿ ಬಣ್ಣದ ಲುಂಗಿಯನ್ನು ಧರಿಸಿರುತ್ತಾನೆ. ಹಾಗೂ ಕನ್ನಡ, ತೆಲುಗು, ಹಿಂದಿ ಭಾಷೆಗಳನ್ನು ಮಾತನಾಡುತ್ತಾನೆ. ಈ ಚಹರೆ ಪಟ್ಟಿಯನ್ನು ಹೋಲುವ ವ್ಯಕ್ತಿಯು ಕಂಡು ಬಂದರೆ ರಾಯಚೂರು ಗ್ರಾಮೀಣ ಪೊಲೀಸ್ ಠಾಣೆಗೆ ಮಾಹಿತಿ ನೀಡಬೇಕೆಂದು ರಾಯಚೂರು ಗ್ರಾಮೀಣ ಪೊಲೀಸ್ ಠಾಣೆಯ ಆರಕ್ಷಕ ನಿರೀಕ್ಷಕರು ಪ್ರಕಟಣೆಯಲ್ಲಿ ತಿಳಿಸಿದ್ದಾರೆ.
ಇಬ್ಬರು ಬಾಲಕಾರ್ಮಿಕರ ರಕ್ಷಣೆ; ಮಾಲೀಕರ ವಿರುದ್ಧ ಪ್ರಕರಣ ದಾಖಲು
ರಾಯಚೂರು: ಮಕ್ಕಳ ಸಹಾಯವಾಣಿಗೆ ಬಂದ ದೂರಿನ ಆಧಾರದ ಮೇಲೆ ಕಾರ್ಮಿಕ ಇಲಾಖೆ, ಮಕ್ಕಳ ರಕ್ಷಣಾ ಘಟಕ, ಪೊಲೀಸ್ ಇಲಾಖೆ ಅಧಿಕಾರಿಗಳನ್ನೊಳಗೊಂಡ ತಂಡ ದೇವದುರ್ಗ ತಾಲೂಕಿನ ಮಂದಕಲ್ ಕ್ರಾಸ್ ಶ್ರೀನಿವಾಸ ಹೋಟೆಲ್ (ಬಗ್ಗೆ)ನಲ್ಲಿ ಆ.29ರಂದು ದಾಳಿ ನಡೆಸಿ, ಇಬ್ಬರು ಬಾಲಕಾರ್ಮಿಕರನ್ನು ರಕ್ಷಣೆ ಮಾಡಿದ್ದಾರೆ. ಈ ಕುರಿತು ಮಾಲೀಕರ ವಿರುದ್ಧ ಪ್ರಕರಣ ದಾಖಲಿಸಲಾಗಿದೆ. ಬಾಲಕಾರ್ಮಿಕರನ್ನು ರಕ್ಷಣೆ ಮಾಡಿ, ಸರಕಾರಿ ಬಾಲಕರ ಬಾಲಮಂದಿರ ರಾಯಚೂರು ಇಲ್ಲಿಗೆ ದಾಖಲಿಸಲಾಗಿದೆ. ಮಕ್ಕಳನ್ನು ಕೆಲಸಕ್ಕೆ ನೇಮಿಸಿಕೊಂಡ ಹೋಟೆಲ್ ಮಾಲೀಕರ ವಿರುದ್ಧ ಬಾಲಕಾರ್ಮಿಕ ಮತ್ತು ಕಿಶೋರ ಕಾರ್ಮಿಕ (ನಿಷೇಧ ಮತ್ತು ನಿಯಂತ್ರಣ) ಕಾಯ್ದೆಯಡಿ ಪ್ರಕರಣ ದಾಖಲು ಮಾಡಲಾಗಿದೆ. 1986 (ತಿದ್ದುಪಡಿ ಕಾಯ್ದೆ 2016)ರಂತೆ 14 ವರ್ಷದೊಳಗಿನ ಮಕ್ಕಳನ್ನು ದುಡಿಮೆಯಲ್ಲಿ ತೊಡಗಿಸಿಕೊಳ್ಳುವುದು ನಿಷೇಧಿಸಲಾಗಿದೆ. ಉಲ್ಲಂಘಿಸಿದರೆ 6 ತಿಂಗಳಿಂದ 2 ವರ್ಷ ಜೈಲು ಹಾಗೂ 20 ಸಾವಿರದಿಂದ 50,000 ರೂ.ಗಳ ದಂಡ ವಿಧಿಸಲಾಗುವುದು ಎಂದು ಅಧಿಕಾರಿಗಳು ತಿಳಿಸಿದರು. ಈ ಸಂದರ್ಭದಲ್ಲಿ ಜಿಲ್ಲಾ ಮಕ್ಕಳ ರಕ್ಷಣಾ ಘಟಕದ ಅಧಿಕಾರಿಗಳು, ಕಾರ್ಮಿಕ ನಿರೀಕ್ಷಕರು ಮತ್ತು ಪೊಲೀಸ್ ಸಿಬ್ಬಂದಿ ಹಾಜರಿದ್ದರು.
Edited, Printed, Published and Owned by Anand P. Mannur and Printed at Satyakam Offset Printers CMC No. 3-6-87/1, Veerashaiva Kalyan Mantappa Road, Yadgiri 585202. Postal Reg. No: PMG VJP/KA/NK/785/2021-23
